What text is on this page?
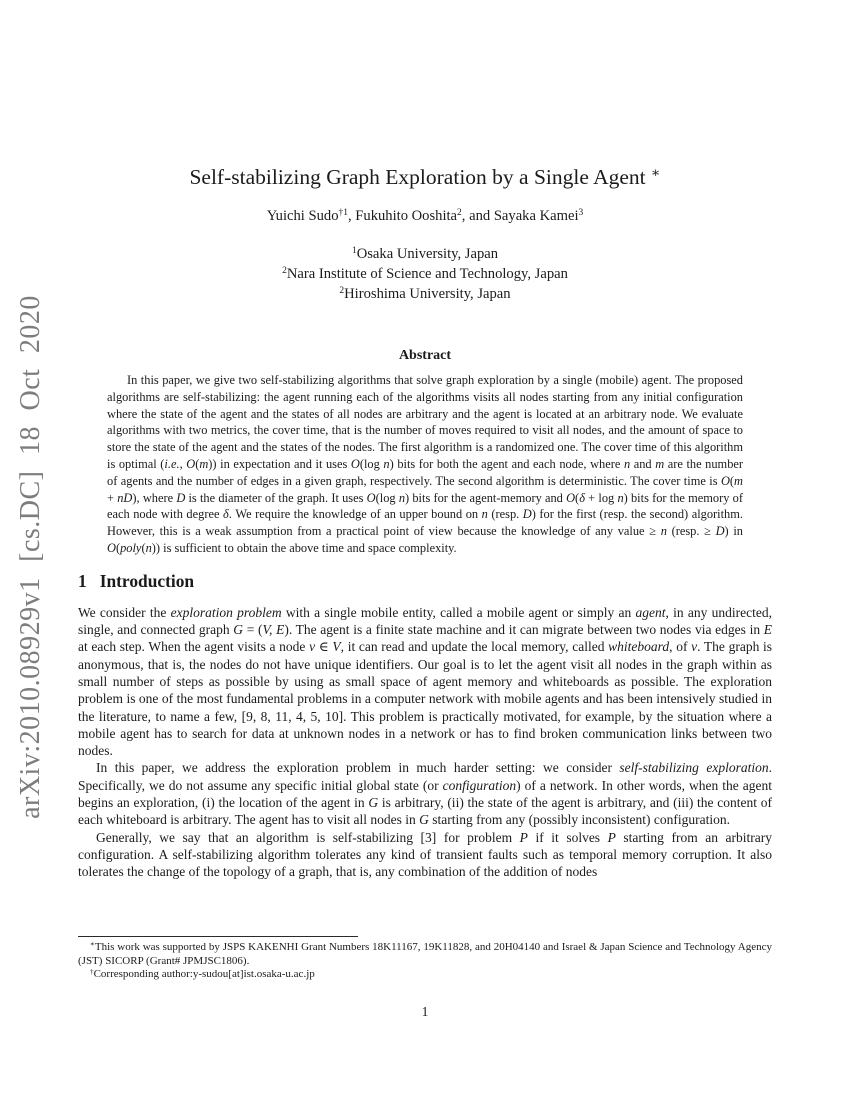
arXiv:2010.08929v1 [cs.DC] 18 Oct 2020
Self-stabilizing Graph Exploration by a Single Agent ∗
Yuichi Sudo$^{\dagger 1}$, Fukuhito Ooshita$^2$, and Sayaka Kamei$^3$
$^1$Osaka University, Japan
$^2$Nara Institute of Science and Technology, Japan
$^2$Hiroshima University, Japan
Abstract
In this paper, we give two self-stabilizing algorithms that solve graph exploration by a single (mobile) agent. The proposed algorithms are self-stabilizing: the agent running each of the algorithms visits all nodes starting from any initial configuration where the state of the agent and the states of all nodes are arbitrary and the agent is located at an arbitrary node. We evaluate algorithms with two metrics, the cover time, that is the number of moves required to visit all nodes, and the amount of space to store the state of the agent and the states of the nodes. The first algorithm is a randomized one. The cover time of this algorithm is optimal (i.e., O(m)) in expectation and it uses O(log n) bits for both the agent and each node, where n and m are the number of agents and the number of edges in a given graph, respectively. The second algorithm is deterministic. The cover time is O(m + nD), where D is the diameter of the graph. It uses O(log n) bits for the agent-memory and O(δ + log n) bits for the memory of each node with degree δ. We require the knowledge of an upper bound on n (resp. D) for the first (resp. the second) algorithm. However, this is a weak assumption from a practical point of view because the knowledge of any value ≥ n (resp. ≥ D) in O(poly(n)) is sufficient to obtain the above time and space complexity.
1 Introduction

We consider the exploration problem with a single mobile entity, called a mobile agent or simply an agent, in any undirected, single, and connected graph G = (V, E). The agent is a finite state machine and it can migrate between two nodes via edges in E at each step. When the agent visits a node v ∈ V, it can read and update the local memory, called whiteboard, of v. The graph is anonymous, that is, the nodes do not have unique identifiers. Our goal is to let the agent visit all nodes in the graph within as small number of steps as possible by using as small space of agent memory and whiteboards as possible. The exploration problem is one of the most fundamental problems in a computer network with mobile agents and has been intensively studied in the literature, to name a few, [9, 8, 11, 4, 5, 10]. This problem is practically motivated, for example, by the situation where a mobile agent has to search for data at unknown nodes in a network or has to find broken communication links between two nodes.

In this paper, we address the exploration problem in much harder setting: we consider self-stabilizing exploration. Specifically, we do not assume any specific initial global state (or configuration) of a network. In other words, when the agent begins an exploration, (i) the location of the agent in G is arbitrary, (ii) the state of the agent is arbitrary, and (iii) the content of each whiteboard is arbitrary. The agent has to visit all nodes in G starting from any (possibly inconsistent) configuration.

Generally, we say that an algorithm is self-stabilizing [3] for problem P if it solves P starting from an arbitrary configuration. A self-stabilizing algorithm tolerates any kind of transient faults such as temporal memory corruption. It also tolerates the change of the topology of a graph, that is, any combination of the addition of nodes

∗This work was supported by JSPS KAKENHI Grant Numbers 18K11167, 19K11828, and 20H04140 and Israel & Japan Science and Technology Agency (JST) SICORP (Grant# JPMJSC1806).

†Corresponding author:y-sudou[at]ist.osaka-u.ac.jp

1
